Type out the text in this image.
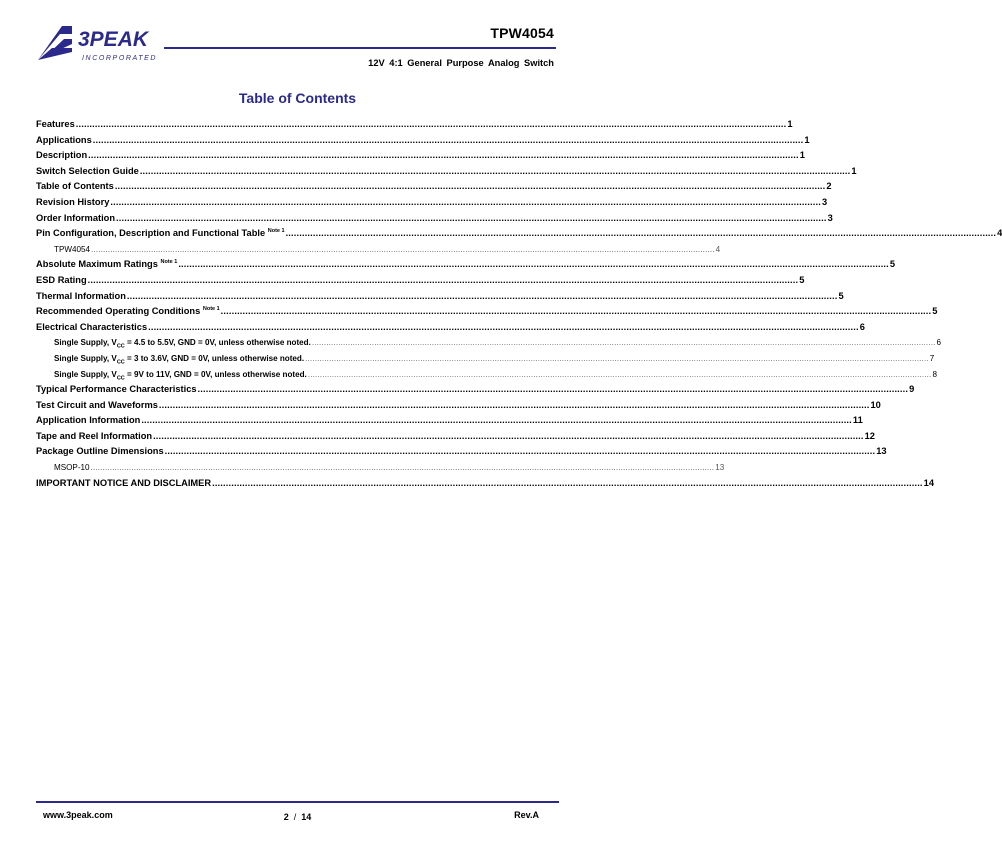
3PEAK
INCORPORATED
TPW4054
12V 4:1 General Purpose Analog Switch
Table of Contents
Features .................................................................................................................................................................................................................................................................... 1
Applications .................................................................................................................................................................................................................................................................... 1
Description .................................................................................................................................................................................................................................................................... 1
Switch Selection Guide .................................................................................................................................................................................................................................................................... 1
Table of Contents .................................................................................................................................................................................................................................................................... 2
Revision History .................................................................................................................................................................................................................................................................... 3
Order Information .................................................................................................................................................................................................................................................................... 3
Pin Configuration, Description and Functional Table $^{Note 1}$ .................................................................................................................................................................................................................................................................... 4
TPW4054 .................................................................................................................................................................................................................................................................... 4
Absolute Maximum Ratings $^{Note 1}$ .................................................................................................................................................................................................................................................................... 5
ESD Rating .................................................................................................................................................................................................................................................................... 5
Thermal Information .................................................................................................................................................................................................................................................................... 5
Recommended Operating Conditions $^{Note 1}$ .................................................................................................................................................................................................................................................................... 5
Electrical Characteristics .................................................................................................................................................................................................................................................................... 6
Single Supply, $V_{CC} = 4.5$ to 5.5V, GND = 0V, unless otherwise noted. .................................................................................................................................................................................................................................................................... 6
Single Supply, $V_{CC} = 3$ to 3.6V, GND = 0V, unless otherwise noted. .................................................................................................................................................................................................................................................................... 7
Single Supply, $V_{CC} = 9V$ to 11V, GND = 0V, unless otherwise noted. .................................................................................................................................................................................................................................................................... 8
Typical Performance Characteristics .................................................................................................................................................................................................................................................................... 9
Test Circuit and Waveforms .................................................................................................................................................................................................................................................................... 10
Application Information .................................................................................................................................................................................................................................................................... 11
Tape and Reel Information .................................................................................................................................................................................................................................................................... 12
Package Outline Dimensions .................................................................................................................................................................................................................................................................... 13
MSOP-10 .................................................................................................................................................................................................................................................................... 13
IMPORTANT NOTICE AND DISCLAIMER .................................................................................................................................................................................................................................................................... 14
www.3peak.com	2 / 14	Rev.A
